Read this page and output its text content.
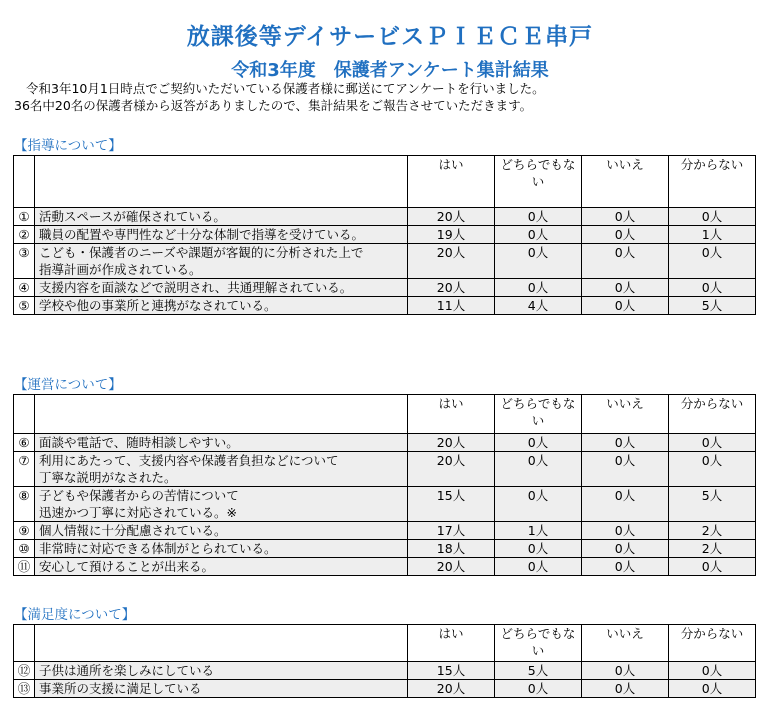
放課後等デイサービスＰＩＥＣＥ串戸
令和3年度　保護者アンケート集計結果

令和3年10月1日時点でご契約いただいている保護者様に郵送にてアンケートを行いました。

36名中20名の保護者様から返答がありましたので、集計結果をご報告させていただきます。

【指導について】

		はい	どちらでもない	いいえ	分からない
①	活動スペースが確保されている。	20人	0人	0人	0人
②	職員の配置や専門性など十分な体制で指導を受けている。	19人	0人	0人	1人
③	こども・保護者のニーズや課題が客観的に分析された上で
指導計画が作成されている。	20人	0人	0人	0人
④	支援内容を面談などで説明され、共通理解されている。	20人	0人	0人	0人
⑤	学校や他の事業所と連携がなされている。	11人	4人	0人	5人

【運営について】

		はい	どちらでもない	いいえ	分からない
⑥	面談や電話で、随時相談しやすい。	20人	0人	0人	0人
⑦	利用にあたって、支援内容や保護者負担などについて
丁寧な説明がなされた。	20人	0人	0人	0人
⑧	子どもや保護者からの苦情について
迅速かつ丁寧に対応されている。※	15人	0人	0人	5人
⑨	個人情報に十分配慮されている。	17人	1人	0人	2人
⑩	非常時に対応できる体制がとられている。	18人	0人	0人	2人
⑪	安心して預けることが出来る。	20人	0人	0人	0人

【満足度について】

		はい	どちらでもない	いいえ	分からない
⑫	子供は通所を楽しみにしている	15人	5人	0人	0人
⑬	事業所の支援に満足している	20人	0人	0人	0人
